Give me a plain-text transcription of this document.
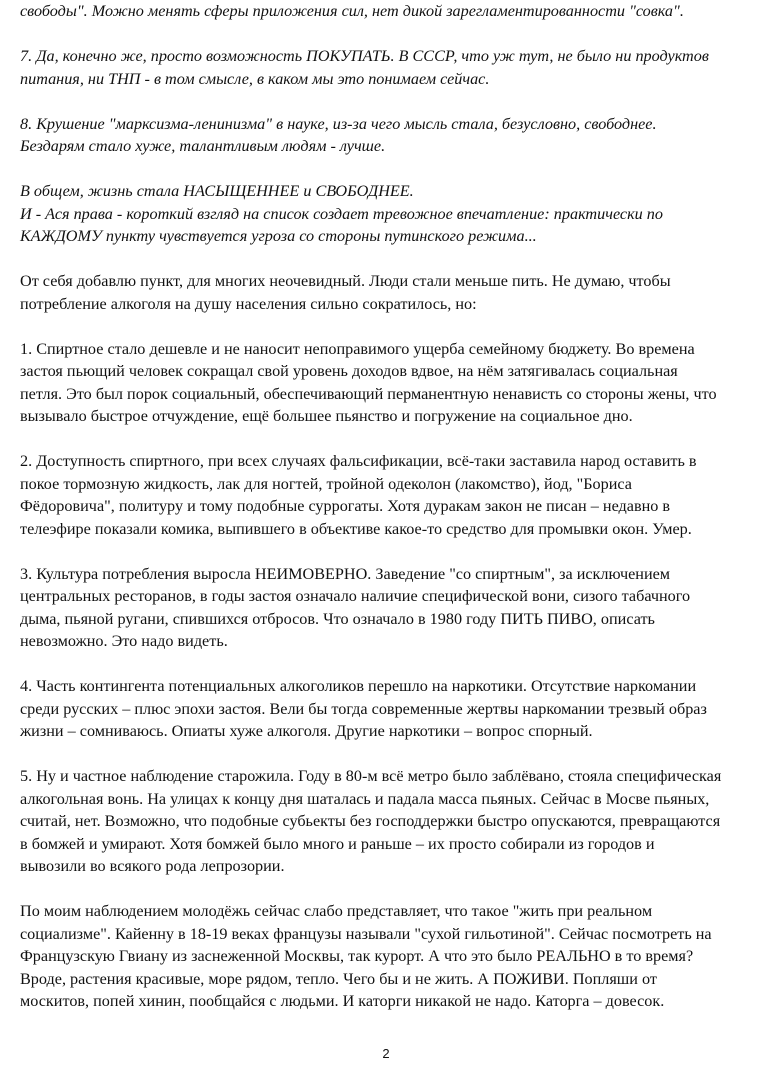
свободы". Можно менять сферы приложения сил, нет дикой зарегламентированности "совка".

7. Да, конечно же, просто возможность ПОКУПАТЬ. В СССР, что уж тут, не было ни продуктов
питания, ни ТНП - в том смысле, в каком мы это понимаем сейчас.

8. Крушение "марксизма-ленинизма" в науке, из-за чего мысль стала, безусловно, свободнее.
Бездарям стало хуже, талантливым людям - лучше.

В общем, жизнь стала НАСЫЩЕННЕЕ и СВОБОДНЕЕ.
И - Ася права - короткий взгляд на список создает тревожное впечатление: практически по
КАЖДОМУ пункту чувствуется угроза со стороны путинского режима...

От себя добавлю пункт, для многих неочевидный. Люди стали меньше пить. Не думаю, чтобы
потребление алкоголя на душу населения сильно сократилось, но:

1. Спиртное стало дешевле и не наносит непоправимого ущерба семейному бюджету. Во времена
застоя пьющий человек сокращал свой уровень доходов вдвое, на нём затягивалась социальная
петля. Это был порок социальный, обеспечивающий перманентную ненависть со стороны жены, что
вызывало быстрое отчуждение, ещё большее пьянство и погружение на социальное дно.

2. Доступность спиртного, при всех случаях фальсификации, всё-таки заставила народ оставить в
покое тормозную жидкость, лак для ногтей, тройной одеколон (лакомство), йод, "Бориса
Фёдоровича", политуру и тому подобные суррогаты. Хотя дуракам закон не писан – недавно в
телеэфире показали комика, выпившего в объективе какое-то средство для промывки окон. Умер.

3. Культура потребления выросла НЕИМОВЕРНО. Заведение "со спиртным", за исключением
центральных ресторанов, в годы застоя означало наличие специфической вони, сизого табачного
дыма, пьяной ругани, спившихся отбросов. Что означало в 1980 году ПИТЬ ПИВО, описать
невозможно. Это надо видеть.

4. Часть контингента потенциальных алкоголиков перешло на наркотики. Отсутствие наркомании
среди русских – плюс эпохи застоя. Вели бы тогда современные жертвы наркомании трезвый образ
жизни – сомниваюсь. Опиаты хуже алкоголя. Другие наркотики – вопрос спорный.

5. Ну и частное наблюдение старожила. Году в 80-м всё метро было заблёвано, стояла специфическая
алкогольная вонь. На улицах к концу дня шаталась и падала масса пьяных. Сейчас в Мосве пьяных,
считай, нет. Возможно, что подобные субьекты без господдержки быстро опускаются, превращаются
в бомжей и умирают. Хотя бомжей было много и раньше – их просто собирали из городов и
вывозили во всякого рода лепрозории.

По моим наблюдением молодёжь сейчас слабо представляет, что такое "жить при реальном
социализме". Кайенну в 18-19 веках французы называли "сухой гильотиной". Сейчас посмотреть на
Французскую Гвиану из заснеженной Москвы, так курорт. А что это было РЕАЛЬНО в то время?
Вроде, растения красивые, море рядом, тепло. Чего бы и не жить. А ПОЖИВИ. Попляши от
москитов, попей хинин, пообщайся с людьми. И каторги никакой не надо. Каторга – довесок.

2
